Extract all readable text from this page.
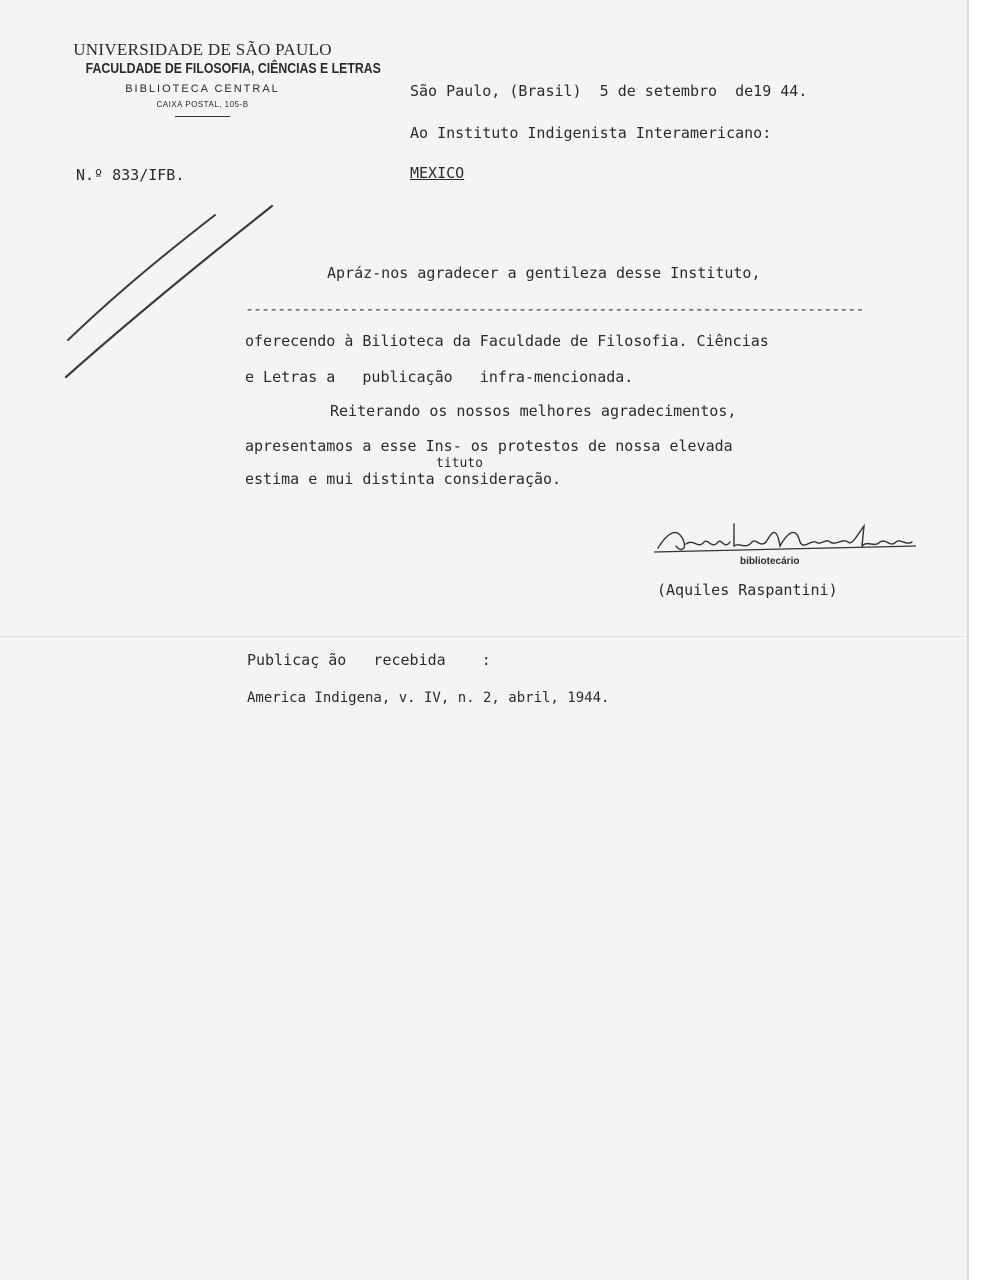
UNIVERSIDADE DE SÃO PAULO
FACULDADE DE FILOSOFIA, CIÊNCIAS E LETRAS
BIBLIOTECA CENTRAL
CAIXA POSTAL, 105-B
N.º 833/IFB.
São Paulo, (Brasil)  5 de setembro  de19 44.
Ao Instituto Indigenista Interamericano:
MEXICO
Apráz-nos agradecer a gentileza desse Instituto,
-----------------------------------------------------------------------------
oferecendo à Bilioteca da Faculdade de Filosofia. Ciências
e Letras a   publicação   infra-mencionada.
Reiterando os nossos melhores agradecimentos,
apresentamos a esse Ins- os protestos de nossa elevada
tituto
estima e mui distinta consideração.
bibliotecário
(Aquiles Raspantini)
Publicaç ão   recebida    :
America Indigena, v. IV, n. 2, abril, 1944.
